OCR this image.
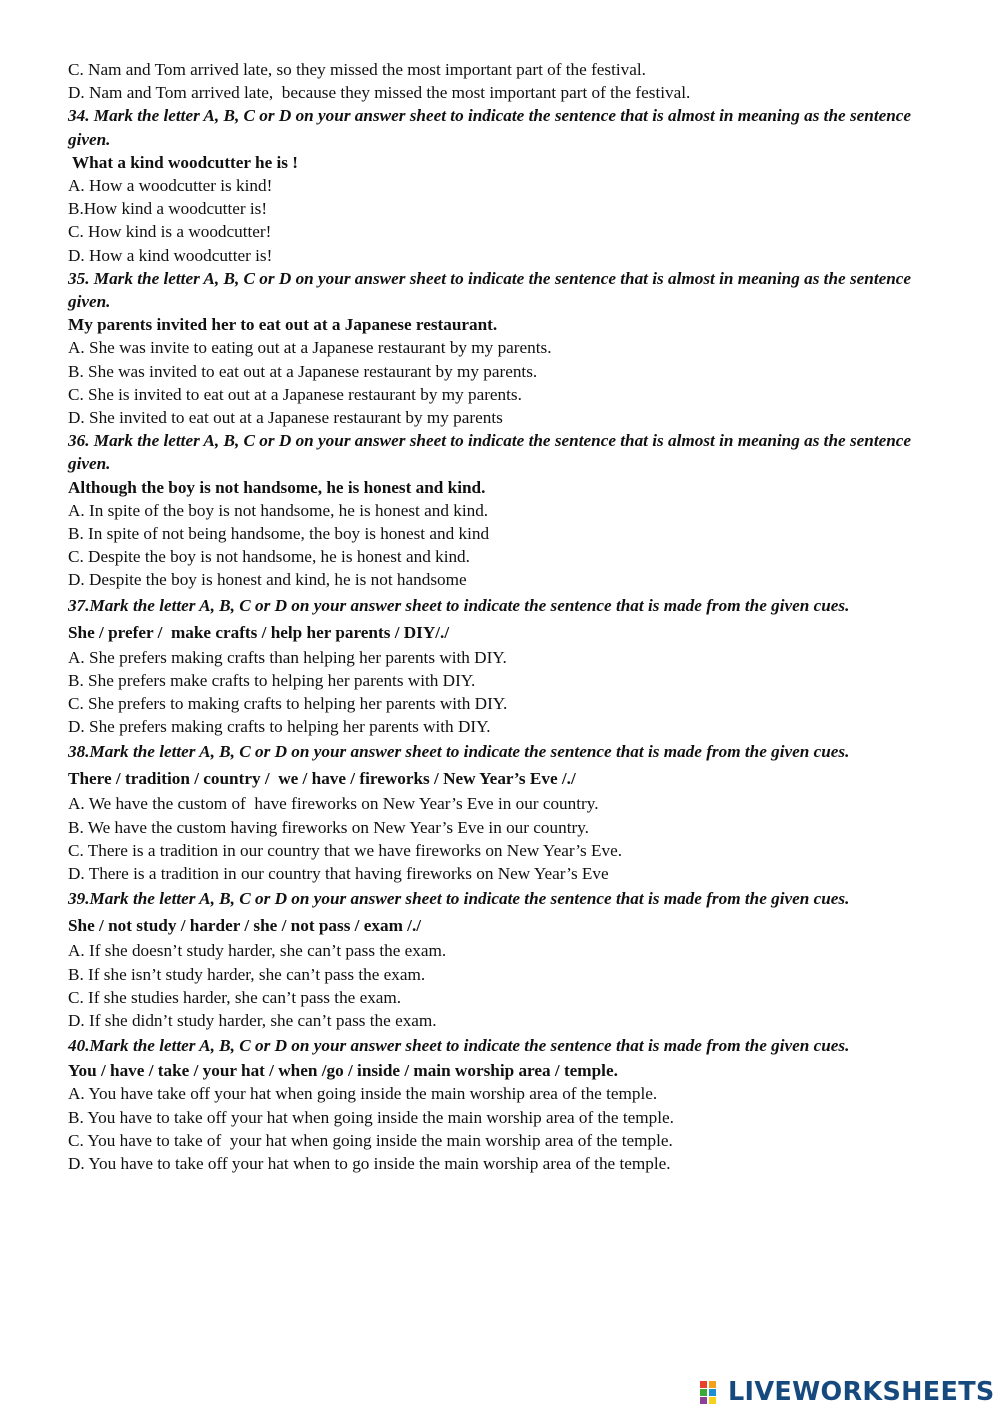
C. Nam and Tom arrived late, so they missed the most important part of the festival.
D. Nam and Tom arrived late,  because they missed the most important part of the festival.
34. Mark the letter A, B, C or D on your answer sheet to indicate the sentence that is almost in meaning as the sentence given.
What a kind woodcutter he is !
A. How a woodcutter is kind!
B.How kind a woodcutter is!
C. How kind is a woodcutter!
D. How a kind woodcutter is!
35. Mark the letter A, B, C or D on your answer sheet to indicate the sentence that is almost in meaning as the sentence given.
My parents invited her to eat out at a Japanese restaurant.
A. She was invite to eating out at a Japanese restaurant by my parents.
B. She was invited to eat out at a Japanese restaurant by my parents.
C. She is invited to eat out at a Japanese restaurant by my parents.
D. She invited to eat out at a Japanese restaurant by my parents
36. Mark the letter A, B, C or D on your answer sheet to indicate the sentence that is almost in meaning as the sentence given.
Although the boy is not handsome, he is honest and kind.
A. In spite of the boy is not handsome, he is honest and kind.
B. In spite of not being handsome, the boy is honest and kind
C. Despite the boy is not handsome, he is honest and kind.
D. Despite the boy is honest and kind, he is not handsome
37.Mark the letter A, B, C or D on your answer sheet to indicate the sentence that is made from the given cues.
She / prefer /  make crafts / help her parents / DIY/./
A. She prefers making crafts than helping her parents with DIY.
B. She prefers make crafts to helping her parents with DIY.
C. She prefers to making crafts to helping her parents with DIY.
D. She prefers making crafts to helping her parents with DIY.
38.Mark the letter A, B, C or D on your answer sheet to indicate the sentence that is made from the given cues.
There / tradition / country /  we / have / fireworks / New Year’s Eve /./
A. We have the custom of  have fireworks on New Year’s Eve in our country.
B. We have the custom having fireworks on New Year’s Eve in our country.
C. There is a tradition in our country that we have fireworks on New Year’s Eve.
D. There is a tradition in our country that having fireworks on New Year’s Eve
39.Mark the letter A, B, C or D on your answer sheet to indicate the sentence that is made from the given cues.
She / not study / harder / she / not pass / exam /./
A. If she doesn’t study harder, she can’t pass the exam.
B. If she isn’t study harder, she can’t pass the exam.
C. If she studies harder, she can’t pass the exam.
D. If she didn’t study harder, she can’t pass the exam.
40.Mark the letter A, B, C or D on your answer sheet to indicate the sentence that is made from the given cues.
You / have / take / your hat / when /go / inside / main worship area / temple.
A. You have take off your hat when going inside the main worship area of the temple.
B. You have to take off your hat when going inside the main worship area of the temple.
C. You have to take of  your hat when going inside the main worship area of the temple.
D. You have to take off your hat when to go inside the main worship area of the temple.
LIVEWORKSHEETS
